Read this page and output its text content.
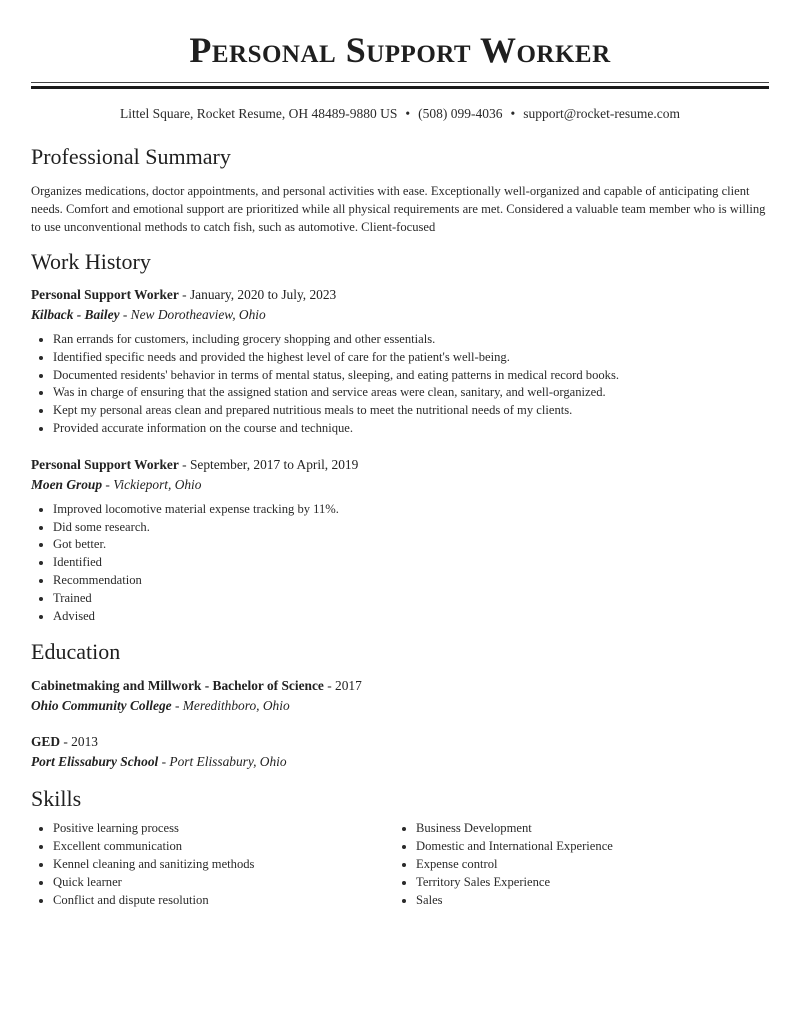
Personal Support Worker
Littel Square, Rocket Resume, OH 48489-9880 US • (508) 099-4036 • support@rocket-resume.com
Professional Summary

Organizes medications, doctor appointments, and personal activities with ease. Exceptionally well-organized and capable of anticipating client needs. Comfort and emotional support are prioritized while all physical requirements are met. Considered a valuable team member who is willing to use unconventional methods to catch fish, such as automotive. Client-focused

Work History
Personal Support Worker - January, 2020 to July, 2023
Kilback - Bailey - New Dorotheaview, Ohio
• Ran errands for customers, including grocery shopping and other essentials.
• Identified specific needs and provided the highest level of care for the patient's well-being.
• Documented residents' behavior in terms of mental status, sleeping, and eating patterns in medical record books.
• Was in charge of ensuring that the assigned station and service areas were clean, sanitary, and well-organized.
• Kept my personal areas clean and prepared nutritious meals to meet the nutritional needs of my clients.
• Provided accurate information on the course and technique.
Personal Support Worker - September, 2017 to April, 2019
Moen Group - Vickieport, Ohio
• Improved locomotive material expense tracking by 11%.
• Did some research.
• Got better.
• Identified
• Recommendation
• Trained
• Advised
Education
Cabinetmaking and Millwork - Bachelor of Science - 2017
Ohio Community College - Meredithboro, Ohio
GED - 2013
Port Elissabury School - Port Elissabury, Ohio
Skills
• Positive learning process
• Excellent communication
• Kennel cleaning and sanitizing methods
• Quick learner
• Conflict and dispute resolution
• Business Development
• Domestic and International Experience
• Expense control
• Territory Sales Experience
• Sales
